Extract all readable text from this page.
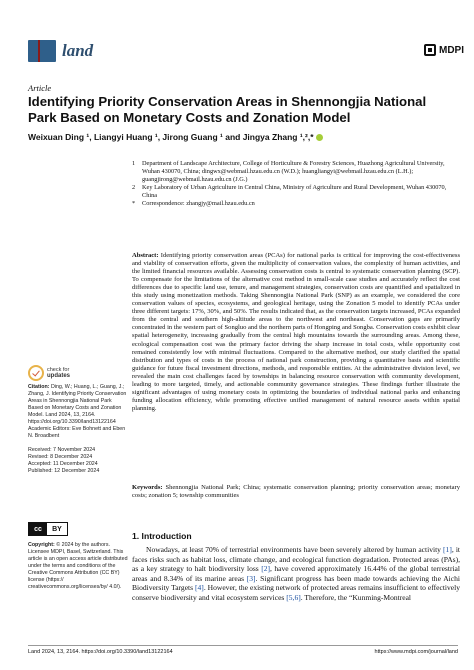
land	MDPI
Article
Identifying Priority Conservation Areas in Shennongjia National Park Based on Monetary Costs and Zonation Model
Weixuan Ding ¹, Liangyi Huang ¹, Jirong Guang ¹ and Jingya Zhang ¹,²,*
1	Department of Landscape Architecture, College of Horticulture & Forestry Sciences, Huazhong Agricultural University, Wuhan 430070, China; dingwx@webmail.hzau.edu.cn (W.D.); huangliangyi@webmail.hzau.edu.cn (L.H.); guangjirong@webmail.hzau.edu.cn (J.G.)
2	Key Laboratory of Urban Agriculture in Central China, Ministry of Agriculture and Rural Development, Wuhan 430070, China
*	Correspondence: zhangjy@mail.hzau.edu.cn
Abstract: Identifying priority conservation areas (PCAs) for national parks is critical for improving the cost-effectiveness and viability of conservation efforts, given the multiplicity of conservation values, the complexity of human activities, and the limited financial resources available. Assessing conservation costs is central to systematic conservation planning (SCP). To compensate for the limitations of the alternative cost method in small-scale case studies and accurately reflect the cost differences due to specific land use, tenure, and management strategies, conservation costs are quantified and spatialized in this study using monetization methods. Taking Shennongjia National Park (SNP) as an example, we considered the core conservation values of species, ecosystems, and geological heritage, using the Zonation 5 model to identify PCAs under three different targets: 17%, 30%, and 50%. The results indicated that, as the conservation targets increased, PCAs expanded from the central and southern high-altitude areas to the northwest and northeast. Conservation gaps are primarily concentrated in the western part of Songluo and the northern parts of Hongping and Songba. Conservation costs exhibit clear spatial heterogeneity, increasing gradually from the central high mountains towards the surrounding areas. Among these, ecological compensation cost was the primary factor driving the sharp increase in total costs, while opportunity cost remained consistently low with minimal fluctuations. Compared to the alternative method, our study clarified the spatial distribution and types of costs in the process of national park construction, providing a quantitative basis and scientific guidance for future fiscal investment directions, methods, and responsible entities. At the administrative division level, we revealed the main cost challenges faced by townships in balancing resource conservation with community development, leading to more targeted, timely, and actionable community governance strategies. These findings further illustrate the significant advantages of using monetary costs in optimizing the boundaries of individual national parks and enhancing funding allocation efficiency, while promoting effective unified management of natural resource assets within spatial planning.
Keywords: Shennongjia National Park; China; systematic conservation planning; priority conservation areas; monetary costs; zonation 5; township communities
check for
updates
Citation: Ding, W.; Huang, L.; Guang, J.; Zhang, J. Identifying Priority Conservation Areas in Shennongjia National Park Based on Monetary Costs and Zonation Model. Land 2024, 13, 2164. https://doi.org/10.3390/land13122164
Academic Editors: Eve Bohnett and Eben N. Broadbent
Received: 7 November 2024
Revised: 8 December 2024
Accepted: 11 December 2024
Published: 12 December 2024
cc	BY
Copyright: © 2024 by the authors. Licensee MDPI, Basel, Switzerland. This article is an open access article distributed under the terms and conditions of the Creative Commons Attribution (CC BY) license (https:// creativecommons.org/licenses/by/ 4.0/).
1. Introduction
Nowadays, at least 70% of terrestrial environments have been severely altered by human activity [1], it faces risks such as habitat loss, climate change, and ecological function degradation. Protected areas (PAs), as a key strategy to halt biodiversity loss [2], have covered approximately 16.44% of the global terrestrial areas and 8.34% of its marine areas [3]. Significant progress has been made towards achieving the Aichi Biodiversity Targets [4]. However, the existing network of protected areas remains insufficient to effectively conserve biodiversity and vital ecosystem services [5,6]. Therefore, the “Kunming-Montreal
Land 2024, 13, 2164. https://doi.org/10.3390/land13122164	https://www.mdpi.com/journal/land
